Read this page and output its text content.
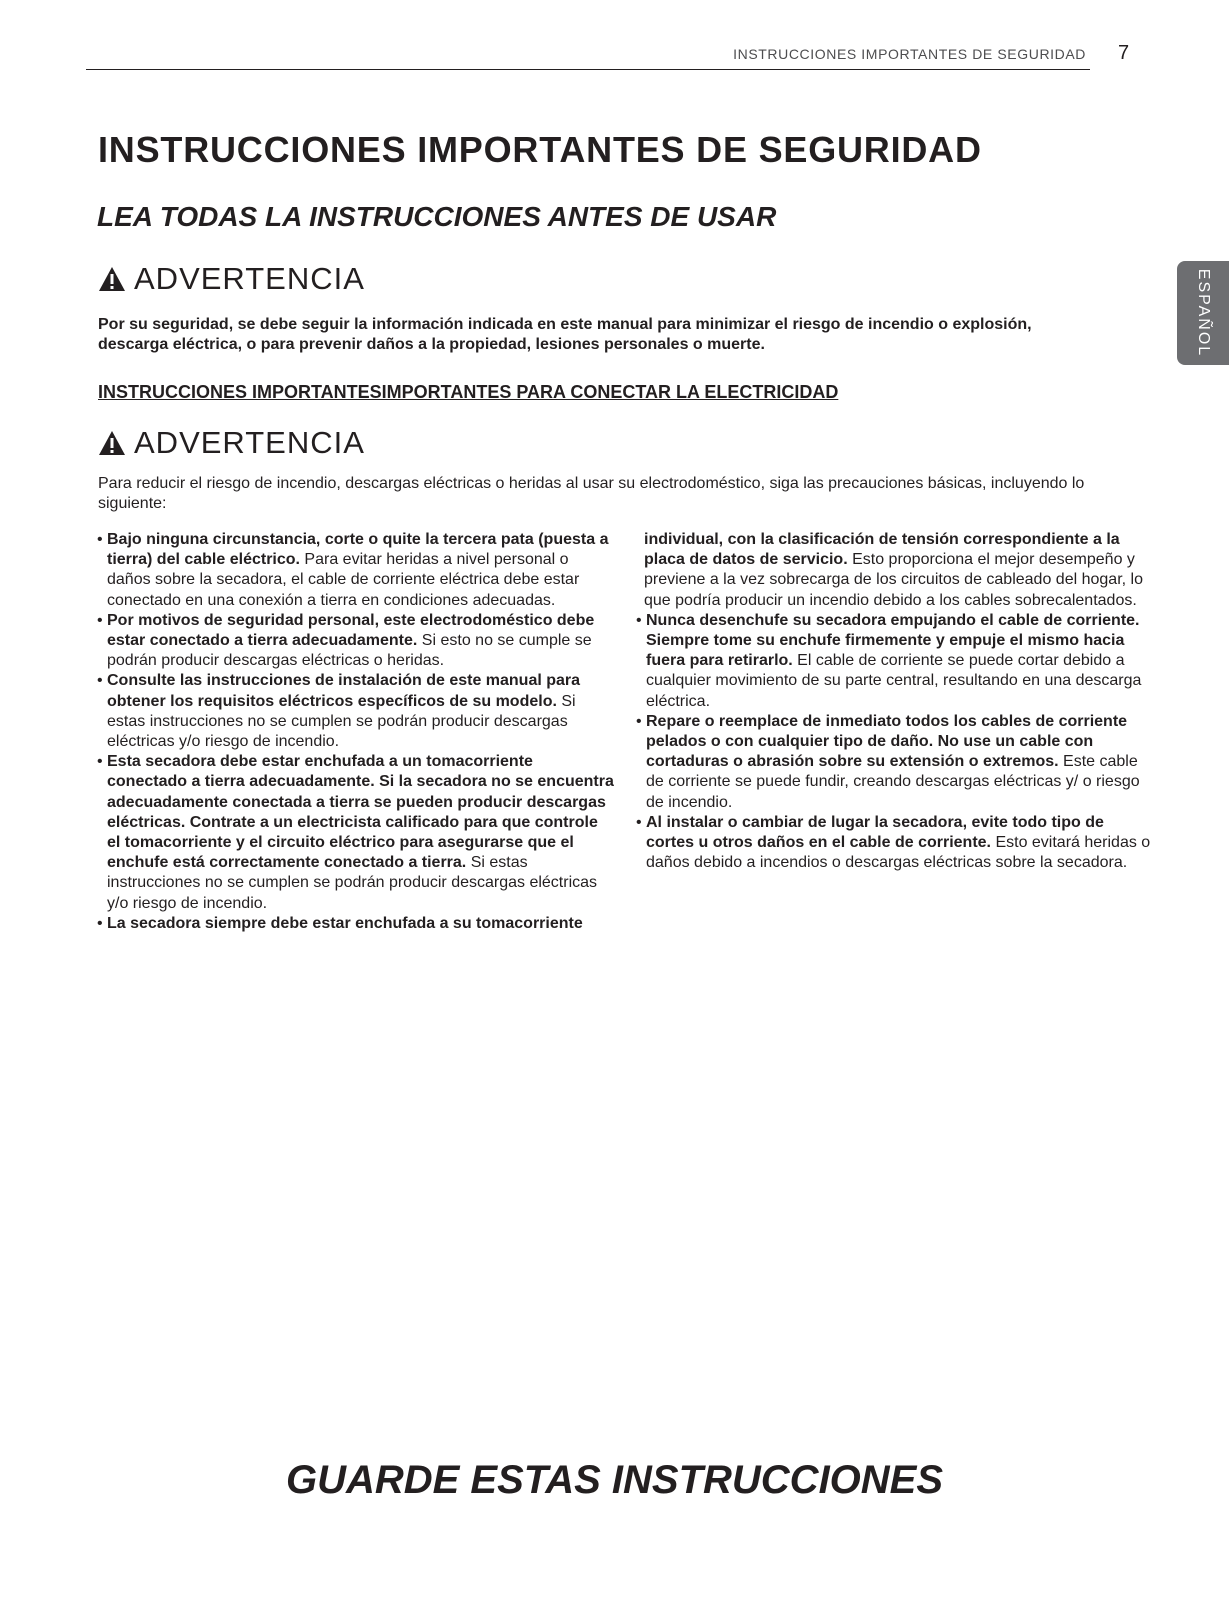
INSTRUCCIONES IMPORTANTES DE SEGURIDAD 7
ESPAÑOL
INSTRUCCIONES IMPORTANTES DE SEGURIDAD
LEA TODAS LA INSTRUCCIONES ANTES DE USAR
ADVERTENCIA

Por su seguridad, se debe seguir la información indicada en este manual para minimizar el riesgo de incendio o explosión, descarga eléctrica, o para prevenir daños a la propiedad, lesiones personales o muerte.

INSTRUCCIONES IMPORTANTESIMPORTANTES PARA CONECTAR LA ELECTRICIDAD
ADVERTENCIA

Para reducir el riesgo de incendio, descargas eléctricas o heridas al usar su electrodoméstico, siga las precauciones básicas, incluyendo lo siguiente:

• Bajo ninguna circunstancia, corte o quite la tercera pata (puesta a tierra) del cable eléctrico. Para evitar heridas a nivel personal o daños sobre la secadora, el cable de corriente eléctrica debe estar conectado en una conexión a tierra en condiciones adecuadas.
• Por motivos de seguridad personal, este electrodoméstico debe estar conectado a tierra adecuadamente. Si esto no se cumple se podrán producir descargas eléctricas o heridas.
• Consulte las instrucciones de instalación de este manual para obtener los requisitos eléctricos específicos de su modelo. Si estas instrucciones no se cumplen se podrán producir descargas eléctricas y/o riesgo de incendio.
• Esta secadora debe estar enchufada a un tomacorriente conectado a tierra adecuadamente. Si la secadora no se encuentra adecuadamente conectada a tierra se pueden producir descargas eléctricas. Contrate a un electricista calificado para que controle el tomacorriente y el circuito eléctrico para asegurarse que el enchufe está correctamente conectado a tierra. Si estas instrucciones no se cumplen se podrán producir descargas eléctricas y/o riesgo de incendio.
• La secadora siempre debe estar enchufada a su tomacorriente
individual, con la clasificación de tensión correspondiente a la placa de datos de servicio. Esto proporciona el mejor desempeño y previene a la vez sobrecarga de los circuitos de cableado del hogar, lo que podría producir un incendio debido a los cables sobrecalentados.
• Nunca desenchufe su secadora empujando el cable de corriente. Siempre tome su enchufe firmemente y empuje el mismo hacia fuera para retirarlo. El cable de corriente se puede cortar debido a cualquier movimiento de su parte central, resultando en una descarga eléctrica.
• Repare o reemplace de inmediato todos los cables de corriente pelados o con cualquier tipo de daño. No use un cable con cortaduras o abrasión sobre su extensión o extremos. Este cable de corriente se puede fundir, creando descargas eléctricas y/ o riesgo de incendio.
• Al instalar o cambiar de lugar la secadora, evite todo tipo de cortes u otros daños en el cable de corriente. Esto evitará heridas o daños debido a incendios o descargas eléctricas sobre la secadora.
GUARDE ESTAS INSTRUCCIONES
